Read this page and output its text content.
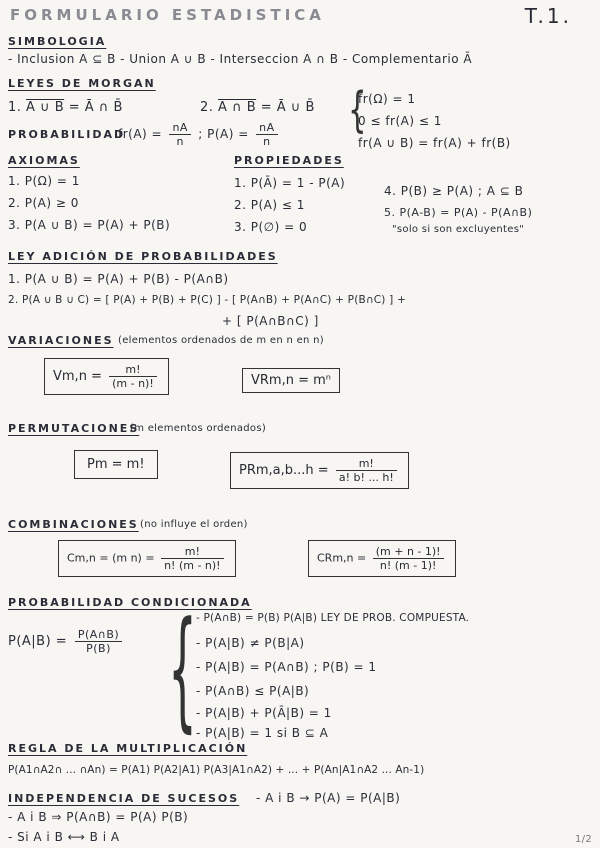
FORMULARIO ESTADISTICA	T.1.
SIMBOLOGIA
- Inclusion A ⊆ B - Union A ∪ B - Interseccion A ∩ B - Complementario Ā
LEYES DE MORGAN
1. A ∪ B = Ā ∩ B̄	2. A ∩ B = Ā ∪ B̄ {
fr(Ω) = 1
0 ≤ fr(A) ≤ 1
fr(A ∪ B) = fr(A) + fr(B)
PROBABILIDAD
$fr(A) = \frac{nA}{n}$ ; $P(A) = \frac{nA}{n}$
AXIOMAS
1. P(Ω) = 1
2. P(A) ≥ 0
3. P(A ∪ B) = P(A) + P(B)
PROPIEDADES
1. P(Ā) = 1 - P(A)
2. P(A) ≤ 1
3. P(∅) = 0
4. P(B) ≥ P(A) ; A ⊆ B
5. P(A-B) = P(A) - P(A∩B)
"solo si son excluyentes"
LEY ADICIÓN DE PROBABILIDADES
1. P(A ∪ B) = P(A) + P(B) - P(A∩B)
2. P(A ∪ B ∪ C) = [ P(A) + P(B) + P(C) ] - [ P(A∩B) + P(A∩C) + P(B∩C) ] +
+ [ P(A∩B∩C) ]
VARIACIONES (elementos ordenados de m en n en n)
$Vm,n = \frac{m!}{(m - n)!}$	VRm,n = mⁿ
PERMUTACIONES
(m elementos ordenados)
Pm = m!	$PRm,a,b...h = \frac{m!}{a! b! ... h!}$
COMBINACIONES (no influye el orden)
Cm,n = (m $n) = \frac{m!}{n! (m - n)!}$	$CRm,n = \frac{(m + n - 1)!}{n! (m - 1)!}$
PROBABILIDAD CONDICIONADA
$P(A|B) = \frac{P(A\cap B)}{P(B)}$ { - P(A∩B) = P(B) P(A|B) LEY DE PROB. COMPUESTA.
- P(A|B) ≠ P(B|A)
- P(A|B) = P(A∩B) ; P(B) = 1
- P(A∩B) ≤ P(A|B)
- P(A|B) + P(Ā|B) = 1
- P(A|B) = 1 si B ⊆ A
REGLA DE LA MULTIPLICACIÓN
P(A1∩A2∩ ... ∩An) = P(A1) P(A2|A1) P(A3|A1∩A2) + ... + P(An|A1∩A2 ... An-1)
INDEPENDENCIA DE SUCESOS - A i B → P(A) = P(A|B)
- A i B ⇒ P(A∩B) = P(A) P(B)
- Si A i B ⟷ B i A	1/2
